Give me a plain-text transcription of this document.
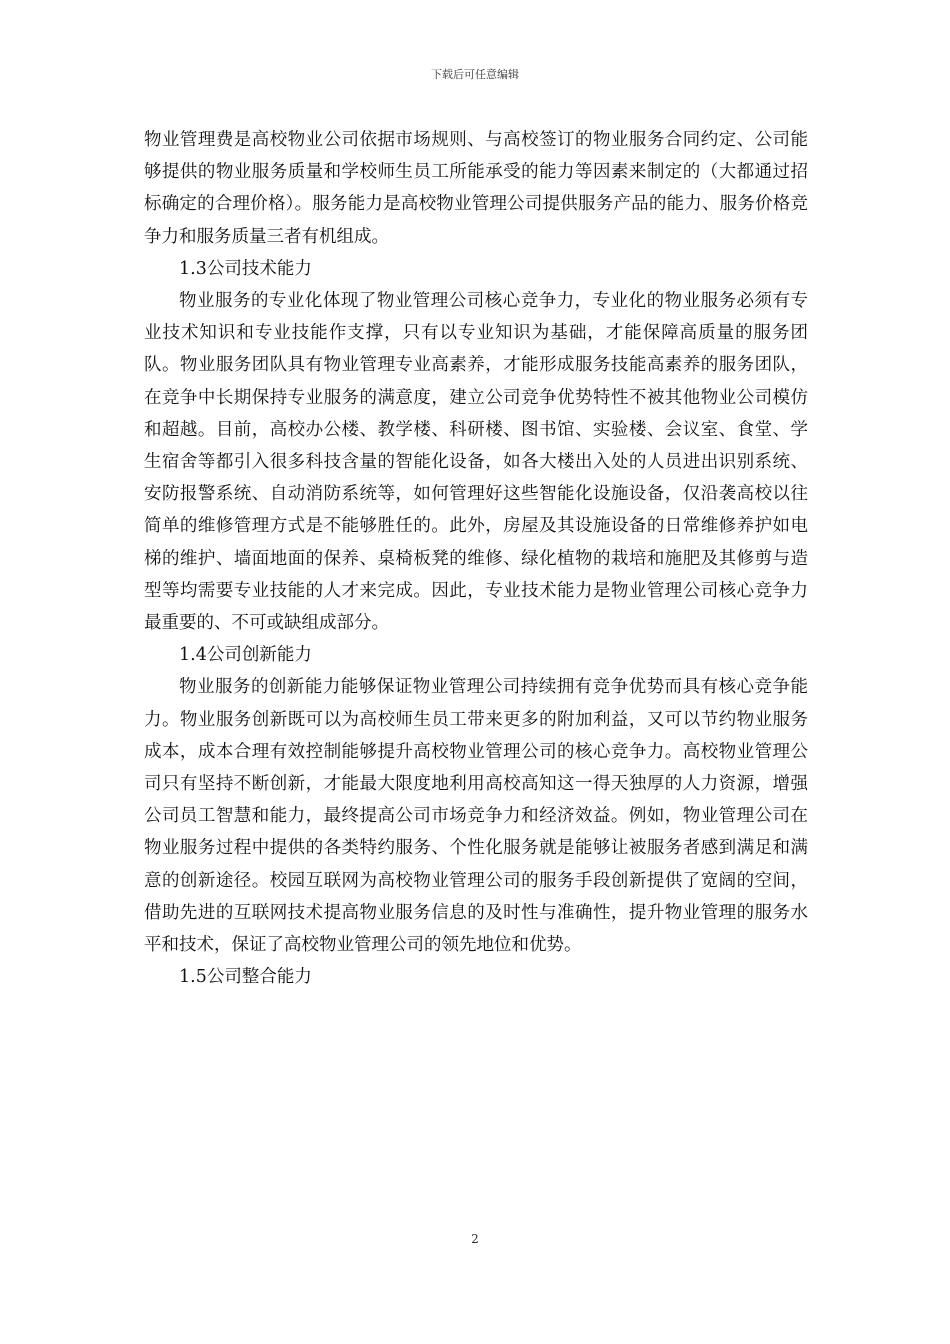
下载后可任意编辑

物业管理费是高校物业公司依据市场规则、与高校签订的物业服务合同约定、公司能够提供的物业服务质量和学校师生员工所能承受的能力等因素来制定的（大都通过招标确定的合理价格）。服务能力是高校物业管理公司提供服务产品的能力、服务价格竞争力和服务质量三者有机组成。

1.3公司技术能力

物业服务的专业化体现了物业管理公司核心竞争力，专业化的物业服务必须有专业技术知识和专业技能作支撑，只有以专业知识为基础，才能保障高质量的服务团队。物业服务团队具有物业管理专业高素养，才能形成服务技能高素养的服务团队，在竞争中长期保持专业服务的满意度，建立公司竞争优势特性不被其他物业公司模仿和超越。目前，高校办公楼、教学楼、科研楼、图书馆、实验楼、会议室、食堂、学生宿舍等都引入很多科技含量的智能化设备，如各大楼出入处的人员进出识别系统、安防报警系统、自动消防系统等，如何管理好这些智能化设施设备，仅沿袭高校以往简单的维修管理方式是不能够胜任的。此外，房屋及其设施设备的日常维修养护如电梯的维护、墙面地面的保养、桌椅板凳的维修、绿化植物的栽培和施肥及其修剪与造型等均需要专业技能的人才来完成。因此，专业技术能力是物业管理公司核心竞争力最重要的、不可或缺组成部分。

1.4公司创新能力

物业服务的创新能力能够保证物业管理公司持续拥有竞争优势而具有核心竞争能力。物业服务创新既可以为高校师生员工带来更多的附加利益，又可以节约物业服务成本，成本合理有效控制能够提升高校物业管理公司的核心竞争力。高校物业管理公司只有坚持不断创新，才能最大限度地利用高校高知这一得天独厚的人力资源，增强公司员工智慧和能力，最终提高公司市场竞争力和经济效益。例如，物业管理公司在物业服务过程中提供的各类特约服务、个性化服务就是能够让被服务者感到满足和满意的创新途径。校园互联网为高校物业管理公司的服务手段创新提供了宽阔的空间，借助先进的互联网技术提高物业服务信息的及时性与准确性，提升物业管理的服务水平和技术，保证了高校物业管理公司的领先地位和优势。

1.5公司整合能力

2
